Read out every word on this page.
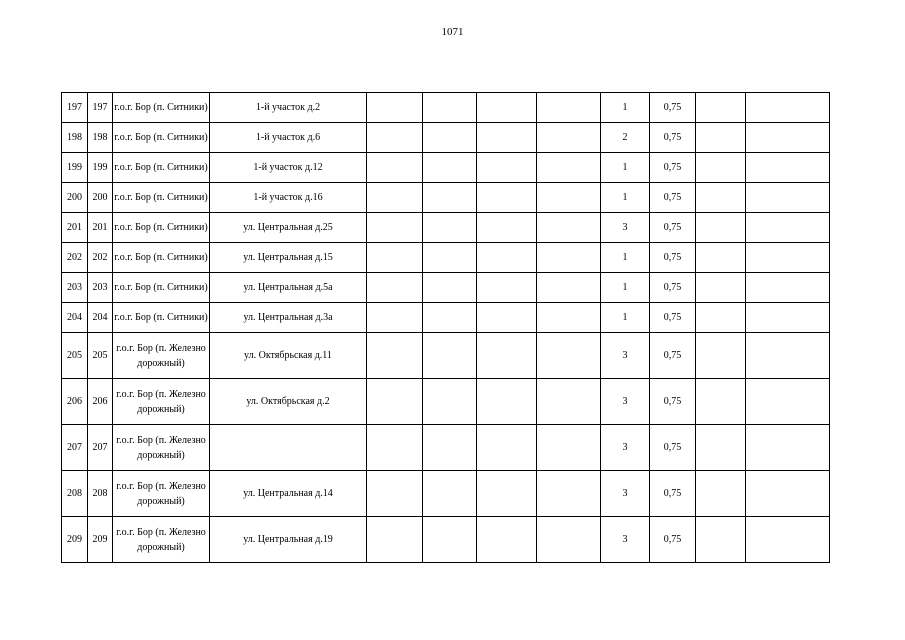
1071
197	197	г.о.г. Бор (п. Ситники)	1-й участок д.2					1	0,75		
198	198	г.о.г. Бор (п. Ситники)	1-й участок д.6					2	0,75		
199	199	г.о.г. Бор (п. Ситники)	1-й участок д.12					1	0,75		
200	200	г.о.г. Бор (п. Ситники)	1-й участок д.16					1	0,75		
201	201	г.о.г. Бор (п. Ситники)	ул. Центральная д.25					3	0,75		
202	202	г.о.г. Бор (п. Ситники)	ул. Центральная д.15					1	0,75		
203	203	г.о.г. Бор (п. Ситники)	ул. Центральная д.5а					1	0,75		
204	204	г.о.г. Бор (п. Ситники)	ул. Центральная д.3а					1	0,75		
205	205	г.о.г. Бор (п. Железнодорожный)	ул. Октябрьская д.11					3	0,75		
206	206	г.о.г. Бор (п. Железнодорожный)	ул. Октябрьская д.2					3	0,75		
207	207	г.о.г. Бор (п. Железнодорожный)						3	0,75		
208	208	г.о.г. Бор (п. Железнодорожный)	ул. Центральная д.14					3	0,75		
209	209	г.о.г. Бор (п. Железнодорожный)	ул. Центральная д.19					3	0,75		
